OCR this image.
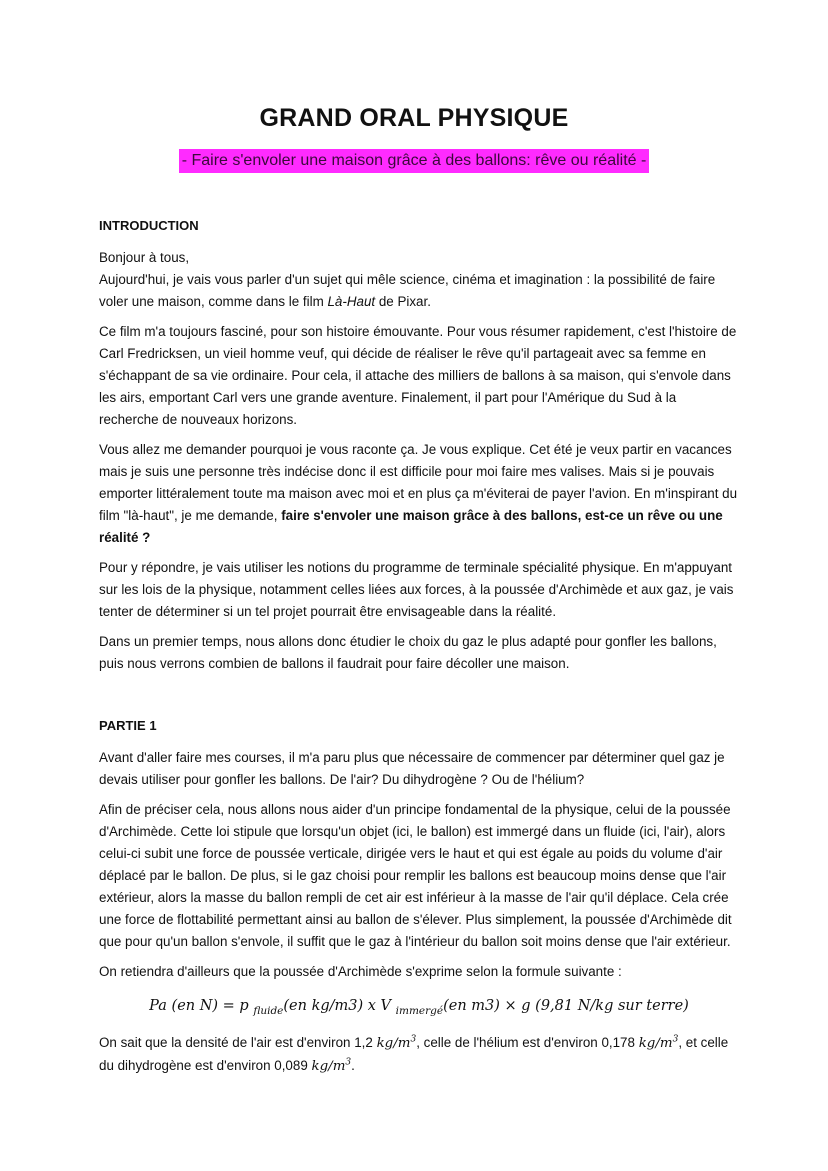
GRAND ORAL PHYSIQUE
- Faire s'envoler une maison grâce à des ballons: rêve ou réalité -
INTRODUCTION

Bonjour à tous,

Aujourd'hui, je vais vous parler d'un sujet qui mêle science, cinéma et imagination : la possibilité de faire voler une maison, comme dans le film Là-Haut de Pixar.

Ce film m'a toujours fasciné, pour son histoire émouvante. Pour vous résumer rapidement, c'est l'histoire de Carl Fredricksen, un vieil homme veuf, qui décide de réaliser le rêve qu'il partageait avec sa femme en s'échappant de sa vie ordinaire. Pour cela, il attache des milliers de ballons à sa maison, qui s'envole dans les airs, emportant Carl vers une grande aventure. Finalement, il part pour l'Amérique du Sud à la recherche de nouveaux horizons.

Vous allez me demander pourquoi je vous raconte ça. Je vous explique. Cet été je veux partir en vacances mais je suis une personne très indécise donc il est difficile pour moi faire mes valises. Mais si je pouvais emporter littéralement toute ma maison avec moi et en plus ça m'éviterai de payer l'avion. En m'inspirant du film "là-haut", je me demande, faire s'envoler une maison grâce à des ballons, est-ce un rêve ou une réalité ?

Pour y répondre, je vais utiliser les notions du programme de terminale spécialité physique. En m'appuyant sur les lois de la physique, notamment celles liées aux forces, à la poussée d'Archimède et aux gaz, je vais tenter de déterminer si un tel projet pourrait être envisageable dans la réalité.

Dans un premier temps, nous allons donc étudier le choix du gaz le plus adapté pour gonfler les ballons, puis nous verrons combien de ballons il faudrait pour faire décoller une maison.

PARTIE 1

Avant d'aller faire mes courses, il m'a paru plus que nécessaire de commencer par déterminer quel gaz je devais utiliser pour gonfler les ballons. De l'air? Du dihydrogène ? Ou de l'hélium?

Afin de préciser cela, nous allons nous aider d'un principe fondamental de la physique, celui de la poussée d'Archimède. Cette loi stipule que lorsqu'un objet (ici, le ballon) est immergé dans un fluide (ici, l'air), alors celui-ci subit une force de poussée verticale, dirigée vers le haut et qui est égale au poids du volume d'air déplacé par le ballon. De plus, si le gaz choisi pour remplir les ballons est beaucoup moins dense que l'air extérieur, alors la masse du ballon rempli de cet air est inférieur à la masse de l'air qu'il déplace. Cela crée une force de flottabilité permettant ainsi au ballon de s'élever. Plus simplement, la poussée d'Archimède dit que pour qu'un ballon s'envole, il suffit que le gaz à l'intérieur du ballon soit moins dense que l'air extérieur.

On retiendra d'ailleurs que la poussée d'Archimède s'exprime selon la formule suivante :

Pa (en N) = p $_{fluide}$(en kg/m3) x V $_{immergé}$(en m3) × g (9,81 N/kg sur terre)

On sait que la densité de l'air est d'environ 1,2 $kg/m^3$, celle de l'hélium est d'environ 0,178 $kg/m^3$, et celle du dihydrogène est d'environ 0,089 $kg/m^3$.
